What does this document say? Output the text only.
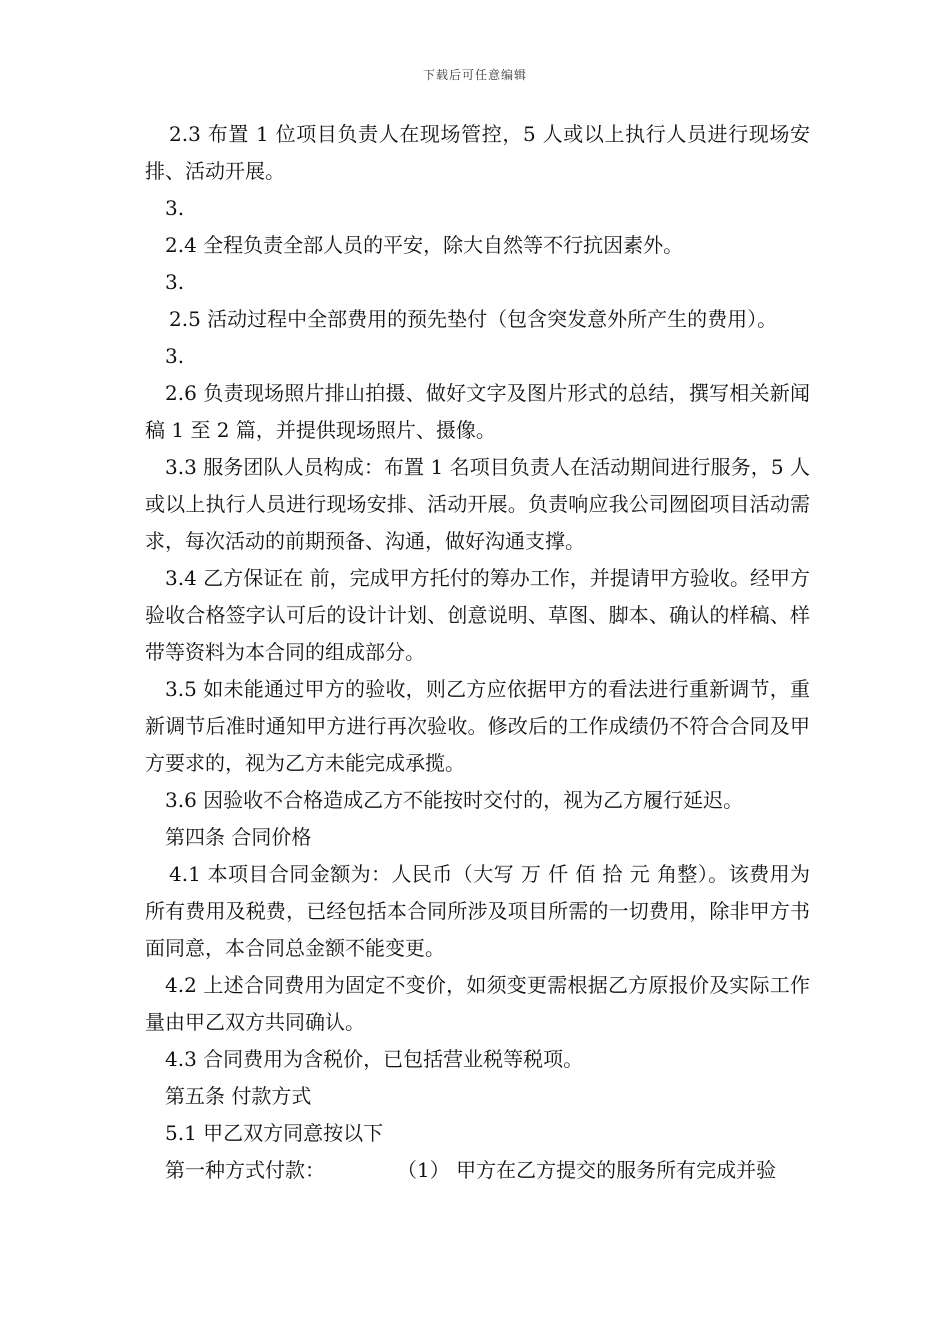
下载后可任意编辑

2.3 布置 1 位项目负责人在现场管控，5 人或以上执行人员进行现场安排、活动开展。

3.

2.4 全程负责全部人员的平安，除大自然等不行抗因素外。

3.

2.5 活动过程中全部费用的预先垫付（包含突发意外所产生的费用）。

3.

2.6 负责现场照片排山拍摄、做好文字及图片形式的总结，撰写相关新闻稿 1 至 2 篇，并提供现场照片、摄像。

3.3 服务团队人员构成：布置 1 名项目负责人在活动期间进行服务，5 人或以上执行人员进行现场安排、活动开展。负责响应我公司囫囵项目活动需求，每次活动的前期预备、沟通，做好沟通支撑。

3.4 乙方保证在 前，完成甲方托付的筹办工作，并提请甲方验收。经甲方验收合格签字认可后的设计计划、创意说明、草图、脚本、确认的样稿、样带等资料为本合同的组成部分。

3.5 如未能通过甲方的验收，则乙方应依据甲方的看法进行重新调节，重新调节后准时通知甲方进行再次验收。修改后的工作成绩仍不符合合同及甲方要求的，视为乙方未能完成承揽。

3.6 因验收不合格造成乙方不能按时交付的，视为乙方履行延迟。

第四条 合同价格

4.1 本项目合同金额为：人民币（大写 万 仟 佰 拾 元 角整）。该费用为所有费用及税费，已经包括本合同所涉及项目所需的一切费用，除非甲方书面同意，本合同总金额不能变更。

4.2 上述合同费用为固定不变价，如须变更需根据乙方原报价及实际工作量由甲乙双方共同确认。

4.3 合同费用为含税价，已包括营业税等税项。

第五条 付款方式

5.1 甲乙双方同意按以下

第一种方式付款：	（1） 甲方在乙方提交的服务所有完成并验
